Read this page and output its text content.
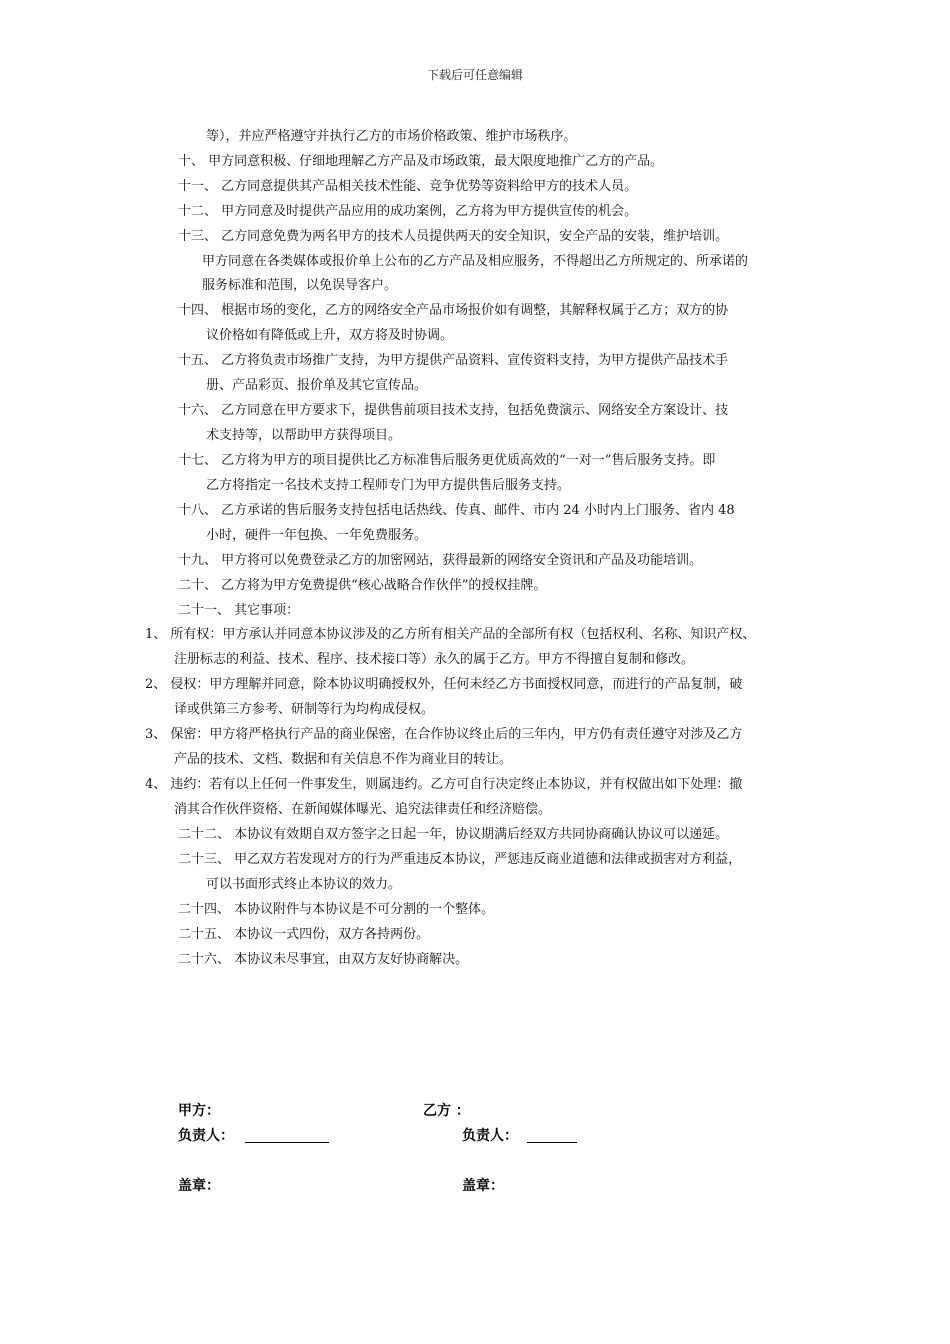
下载后可任意编辑
等），并应严格遵守并执行乙方的市场价格政策、维护市场秩序。
十、 甲方同意积极、仔细地理解乙方产品及市场政策，最大限度地推广乙方的产品。
十一、 乙方同意提供其产品相关技术性能、竞争优势等资料给甲方的技术人员。
十二、 甲方同意及时提供产品应用的成功案例，乙方将为甲方提供宣传的机会。
十三、 乙方同意免费为两名甲方的技术人员提供两天的安全知识，安全产品的安装，维护培训。
甲方同意在各类媒体或报价单上公布的乙方产品及相应服务，不得超出乙方所规定的、所承诺的
服务标准和范围，以免误导客户。
十四、 根据市场的变化，乙方的网络安全产品市场报价如有调整，其解释权属于乙方；双方的协
议价格如有降低或上升，双方将及时协调。
十五、 乙方将负责市场推广支持，为甲方提供产品资料、宣传资料支持，为甲方提供产品技术手
册、产品彩页、报价单及其它宣传品。
十六、 乙方同意在甲方要求下，提供售前项目技术支持，包括免费演示、网络安全方案设计、技
术支持等，以帮助甲方获得项目。
十七、 乙方将为甲方的项目提供比乙方标准售后服务更优质高效的“一对一”售后服务支持。即
乙方将指定一名技术支持工程师专门为甲方提供售后服务支持。
十八、 乙方承诺的售后服务支持包括电话热线、传真、邮件、市内 24 小时内上门服务、省内 48
小时，硬件一年包换、一年免费服务。
十九、 甲方将可以免费登录乙方的加密网站，获得最新的网络安全资讯和产品及功能培训。
二十、 乙方将为甲方免费提供“核心战略合作伙伴”的授权挂牌。
二十一、 其它事项：
1、 所有权：甲方承认并同意本协议涉及的乙方所有相关产品的全部所有权（包括权利、名称、知识产权、
注册标志的利益、技术、程序、技术接口等）永久的属于乙方。甲方不得擅自复制和修改。
2、 侵权：甲方理解并同意，除本协议明确授权外，任何未经乙方书面授权同意，而进行的产品复制，破
译或供第三方参考、研制等行为均构成侵权。
3、 保密：甲方将严格执行产品的商业保密，在合作协议终止后的三年内，甲方仍有责任遵守对涉及乙方
产品的技术、文档、数据和有关信息不作为商业目的转让。
4、 违约：若有以上任何一件事发生，则属违约。乙方可自行决定终止本协议，并有权做出如下处理：撤
消其合作伙伴资格、在新闻媒体曝光、追究法律责任和经济赔偿。
二十二、 本协议有效期自双方签字之日起一年，协议期满后经双方共同协商确认协议可以递延。
二十三、 甲乙双方若发现对方的行为严重违反本协议，严惩违反商业道德和法律或损害对方利益，
可以书面形式终止本协议的效力。
二十四、 本协议附件与本协议是不可分割的一个整体。
二十五、 本协议一式四份，双方各持两份。
二十六、 本协议未尽事宜，由双方友好协商解决。
甲方：	乙方 ：
负责人：	负责人：
盖章：	盖章：
